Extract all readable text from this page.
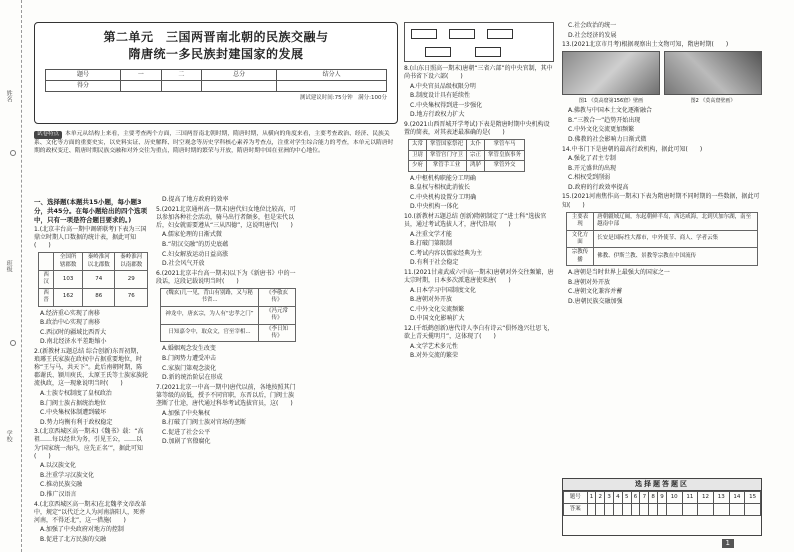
姓名
班级
学校
第二单元　三国两晋南北朝的民族交融与
隋唐统一多民族封建国家的发展
题号	一	二	总分	结分人
得分				
测试建议时间:75分钟　满分:100分
试卷特点 本单元从结构上来看，主要考查两个方面，三国两晋南北朝时期，隋唐时期，从横向的角度来看，主要考查政治、经济、民族关系、文化等方面的重要史实，以史料实证、历史解释、时空观念等历史学科核心素养为考查点，注重对学生综合能力的考查，本单元以隋唐时期的政权变迁、隋唐时期民族交融和对外交往为重点，隋唐时期的繁荣与开放，隋唐时期中国在亚洲的中心地位。

一、选择题(本题共15小题，每小题3分，共45分。在每小题给出的四个选项中，只有一项是符合题目要求的。)

1.(北京丰台高一期中调研联考)下表为三国鼎立时期人口数据的统计表，据此可知(　　)

	全国所辖郡数	秦岭淮河以北郡数	秦岭淮河以南郡数
西汉	103	74	29
西晋	162	86	76

A.经济重心实现了南移

B.政治中心实现了南移

C.西汉时的疆域比西晋大

D.南北经济水平差距缩小

2.(新教材五题总结 综合创新)东晋初期，琅琊王氏家族在政权中占据重要地位，时称“王与马，共天下”。此后南朝时期，陈郡谢氏、颍川庾氏、太原王氏等士族家族轮流执政，这一现象说明当时(　　)

A.士族专权制度了皇权政治

B.门阀士族占据统治地位

C.中央集权体制遭到破坏

D.势力均衡有利于政权稳定

3.(北京西城区高一期末)《魏书》载：“高祖……每以经世为务，引见王公，……以为‘国家统一海内，应先正名’”，据此可知(　　)

A.以汉族文化

B.注重学习汉族文化

C.推动民族交融

D.推广汉语言

4.(北京西城区高一期末)在北魏孝文帝改革中，规定“以代迁之人为河南洛阳人，死葬河南，不得还北”，这一措施(　　)

A.加强了中央政府对地方的控制

B.促进了北方民族的交融

D.提高了地方政府的效率

5.(2021北京通州高一期末)唐代妇女地位比较高，可以参加各种社会活动，骑马出行者颇多，但是宋代以后，妇女就需要遵从“三从四德”，这说明唐代(　　)

A.儒家伦理的日渐式微

B.“胡汉交融”的历史底蕴

C.妇女解放运动日益高涨

D.社会风气开放

6.(2021北京丰台高一期末)以下为《新唐书》中的一段话，这段记载说明当时(　　)

(魏玄)几一见，背山有别路，又与秘书省...	《李敬玄传》
神龙中，唐玄宗，为人有“忠孝之门”	《冯元常传》
日知嘉令中，取众文，官至宰相...	《李日知传》

A.婚姻观念发生改变

B.门阀势力遭受冲击

C.家族门第观念淡化

D.新的统治阶层在形成

7.(2021北京一中高一期中)唐代以前，各地按照其门第等级的高低，授予不同官职，东晋以后，门阀士族垄断了仕途，唐代通过科举考试选拔官员，这(　　)

A.加强了中央集权

B.打破了门阀士族对官场的垄断

C.促进了社会公平

D.加剧了官僚腐化

8.(山东日照高一期末)唐朝“三省六部”的中央官制，其中尚书省下设六部(　　)

A.中央官员品级权限分明

B.制度设计具有延续性

C.中央集权得到进一步强化

D.地方行政权力扩大

9.(2021山西晋城开学考试)下表是隋唐时期中央机构设置的简表，对其表述最准确的是(　　)

太常	掌管国家祭祀	太仆	掌管车马
卫尉	掌管宫门守卫	宗正	掌管皇族事务
少府	掌管手工业	鸿胪	掌管外交

A.中枢机构职能分工明确

B.皇权与相权此消彼长

C.中央机构设置分工明确

D.中央机构一体化

10.(新教材五题总结 创新)隋朝制定了“进士科”选拔官员，通过考试选拔人才，唐代沿用(　　)

A.注重文学才能

B.打破门第限制

C.考试内容以儒家经典为主

D.有利于社会稳定

11.(2021甘肃武威六中高一期末)唐朝对外交往频繁，唐太宗时期，日本多次派遣唐使来唐(　　)

A.日本学习中国制度文化

B.唐朝对外开放

C.中外文化交流频繁

D.中国文化影响扩大

12.(千纸鹤创新)唐代诗人李白有诗云“俱怀逸兴壮思飞，欲上青天揽明月”，这体现了(　　)

A.文学艺术多元性

B.对外交流的繁荣

C.社会政治的统一

D.社会经济的发展

13.(2021北京市月考)根据观察出土文物可知，隋唐时期(　　)

图1 《莫高窟第156窟》壁画	图2 《莫高窟壁画》

A.佛教与中国本土文化逐渐融合

B.“三教合一”趋势开始出现

C.中外文化交流更加频繁

D.佛教的社会影响力日渐式微

14.中书门下是唐朝的最高行政机构，据此可知(　　)

A.强化了君主专制

B.开元盛世的出现

C.相权受到削弱

D.政府的行政效率提高

15.(2021河南焦作高一期末)下表为隋唐时期不同时期的一些数据，据此可知(　　)

主要表现	唐朝疆域辽阔，东起朝鲜半岛，西达咸海，北到贝加尔湖，南至越南中部
文化方面	长安是国际性大都市，中外使节、商人、学者云集
宗教传播	佛教、伊斯兰教、景教等宗教在中国流传

A.唐朝是当时世界上最强大的国家之一

B.唐朝对外开放

C.唐朝文化兼容并蓄

D.唐朝民族交融加强

选择题答题区
题号	1	2	3	4	5	6	7	8	9	10	11	12	13	14	15
答案															
1
